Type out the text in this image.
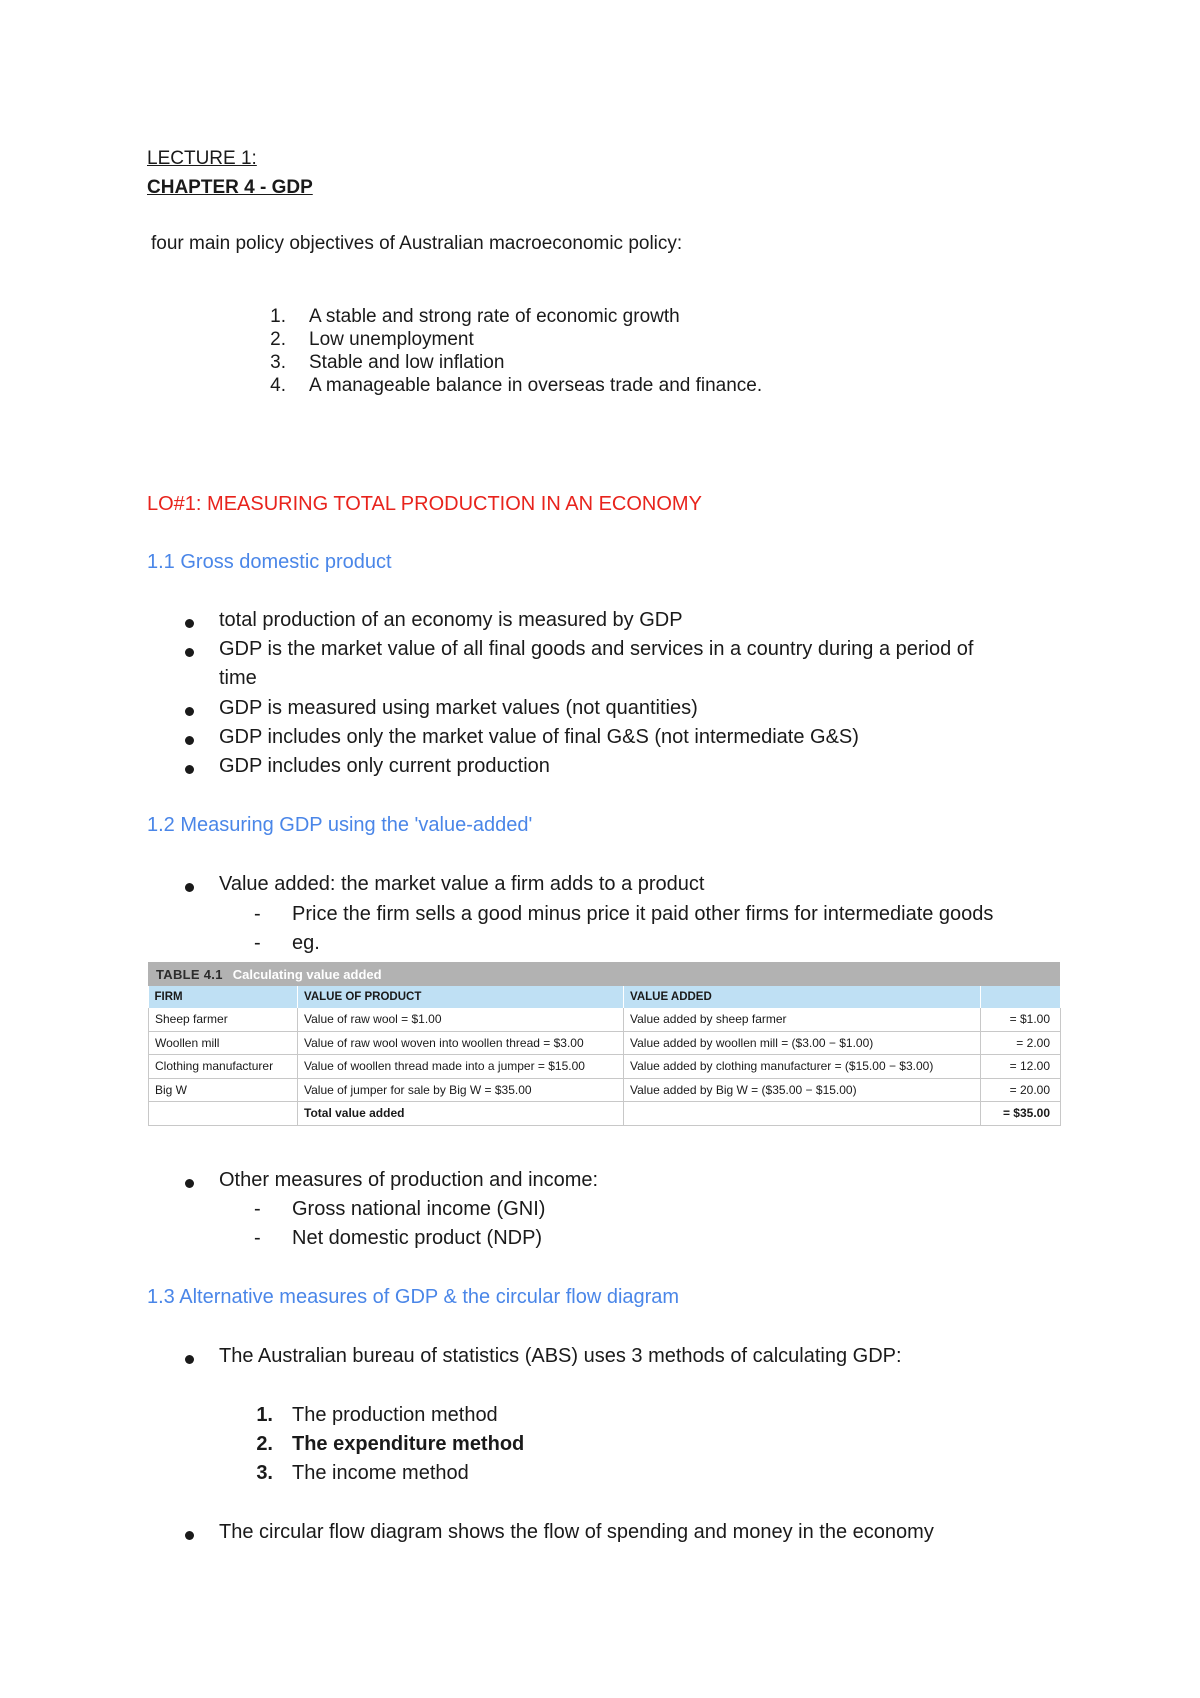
LECTURE 1:
CHAPTER 4 - GDP
four main policy objectives of Australian macroeconomic policy:
1. A stable and strong rate of economic growth
2. Low unemployment
3. Stable and low inflation
4. A manageable balance in overseas trade and finance.
LO#1: MEASURING TOTAL PRODUCTION IN AN ECONOMY
1.1 Gross domestic product
total production of an economy is measured by GDP
GDP is the market value of all final goods and services in a country during a period of
time
GDP is measured using market values (not quantities)
GDP includes only the market value of final G&S (not intermediate G&S)
GDP includes only current production
1.2 Measuring GDP using the 'value-added'
Value added: the market value a firm adds to a product
- Price the firm sells a good minus price it paid other firms for intermediate goods
- eg.
TABLE 4.1 Calculating value added
FIRM	VALUE OF PRODUCT	VALUE ADDED	
Sheep farmer	Value of raw wool = $1.00	Value added by sheep farmer	= $1.00
Woollen mill	Value of raw wool woven into woollen thread = $3.00	Value added by woollen mill = ($3.00 − $1.00)	= 2.00
Clothing manufacturer	Value of woollen thread made into a jumper = $15.00	Value added by clothing manufacturer = ($15.00 − $3.00)	= 12.00
Big W	Value of jumper for sale by Big W = $35.00	Value added by Big W = ($35.00 − $15.00)	= 20.00
	Total value added		= $35.00
Other measures of production and income:
- Gross national income (GNI)
- Net domestic product (NDP)
1.3 Alternative measures of GDP & the circular flow diagram
The Australian bureau of statistics (ABS) uses 3 methods of calculating GDP:
1. The production method
2. The expenditure method
3. The income method
The circular flow diagram shows the flow of spending and money in the economy
